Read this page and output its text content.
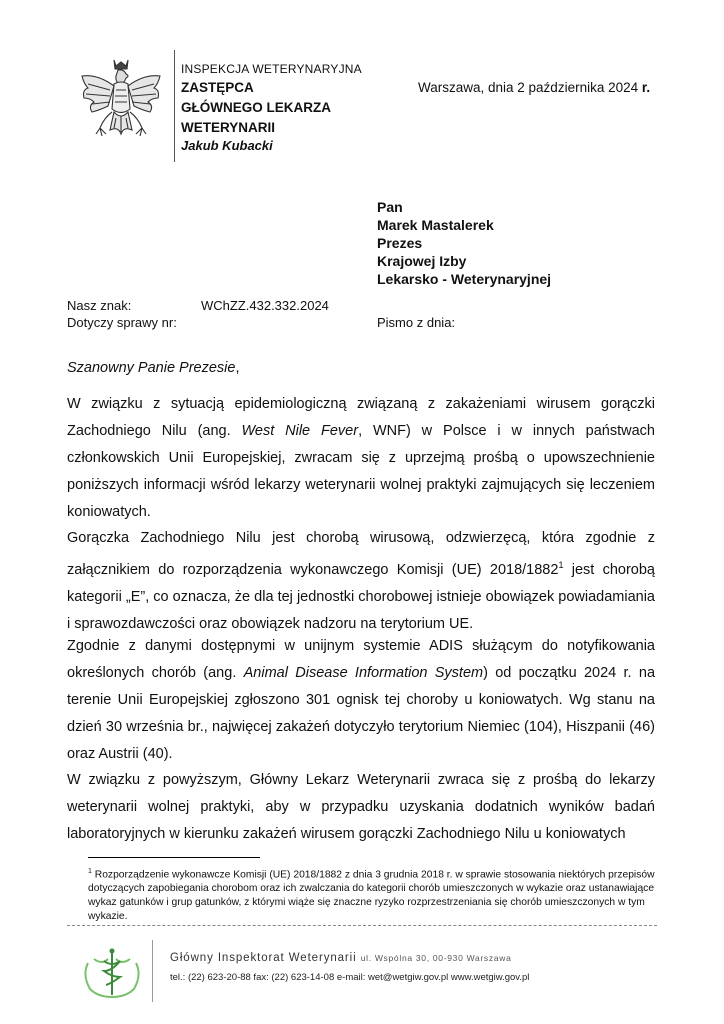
INSPEKCJA WETERYNARYJNA
ZASTĘPCA
GŁÓWNEGO LEKARZA
WETERYNARII
Jakub Kubacki
Warszawa, dnia 2 października 2024 r.
Pan
Marek Mastalerek
Prezes
Krajowej Izby
Lekarsko - Weterynaryjnej
Nasz znak:	WChZZ.432.332.2024
Dotyczy sprawy nr:	Pismo z dnia:
Szanowny Panie Prezesie,

W związku z sytuacją epidemiologiczną związaną z zakażeniami wirusem gorączki Zachodniego Nilu (ang. West Nile Fever, WNF) w Polsce i w innych państwach członkowskich Unii Europejskiej, zwracam się z uprzejmą prośbą o upowszechnienie poniższych informacji wśród lekarzy weterynarii wolnej praktyki zajmujących się leczeniem koniowatych.

Gorączka Zachodniego Nilu jest chorobą wirusową, odzwierzęcą, która zgodnie z załącznikiem do rozporządzenia wykonawczego Komisji (UE) 2018/1882$^1$ jest chorobą kategorii „E”, co oznacza, że dla tej jednostki chorobowej istnieje obowiązek powiadamiania i sprawozdawczości oraz obowiązek nadzoru na terytorium UE.

Zgodnie z danymi dostępnymi w unijnym systemie ADIS służącym do notyfikowania określonych chorób (ang. Animal Disease Information System) od początku 2024 r. na terenie Unii Europejskiej zgłoszono 301 ognisk tej choroby u koniowatych. Wg stanu na dzień 30 września br., najwięcej zakażeń dotyczyło terytorium Niemiec (104), Hiszpanii (46) oraz Austrii (40).

W związku z powyższym, Główny Lekarz Weterynarii zwraca się z prośbą do lekarzy weterynarii wolnej praktyki, aby w przypadku uzyskania dodatnich wyników badań laboratoryjnych w kierunku zakażeń wirusem gorączki Zachodniego Nilu u koniowatych

$^1$ Rozporządzenie wykonawcze Komisji (UE) 2018/1882 z dnia 3 grudnia 2018 r. w sprawie stosowania niektórych przepisów dotyczących zapobiegania chorobom oraz ich zwalczania do kategorii chorób umieszczonych w wykazie oraz ustanawiające wykaz gatunków i grup gatunków, z którymi wiąże się znaczne ryzyko rozprzestrzeniania się chorób umieszczonych w tym wykazie.
Główny Inspektorat Weterynarii ul. Wspólna 30, 00-930 Warszawa
tel.: (22) 623-20-88 fax: (22) 623-14-08 e-mail: wet@wetgiw.gov.pl www.wetgiw.gov.pl
